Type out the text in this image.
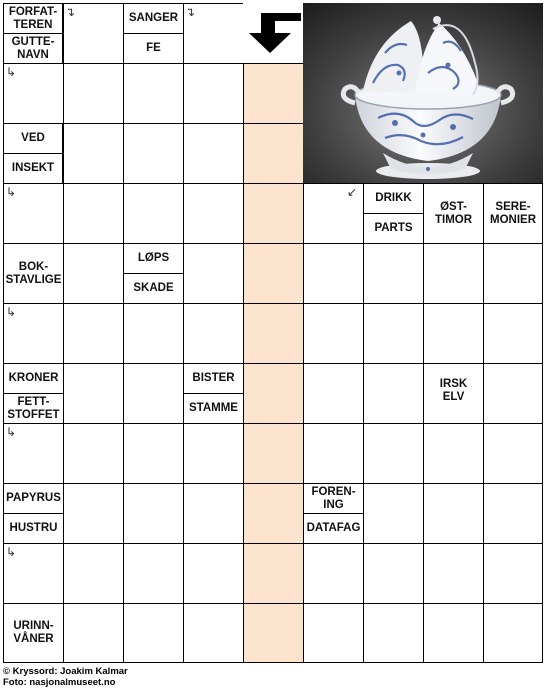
FORFAT-
TEREN
GUTTE-
NAVN
SANGER
FE
VED
INSEKT
DRIKK
PARTS
ØST-
TIMOR
SERE-
MONIER
BOK-
STAVLIGE
LØPS
SKADE
KRONER
FETT-
STOFFET
BISTER
STAMME
IRSK
ELV
PAPYRUS
HUSTRU
FOREN-
ING
DATAFAG
URINN-
VÅNER
↴	↴
↳
↳	↙
↳
↳
↳
© Kryssord: Joakim Kalmar
Foto: nasjonalmuseet.no
